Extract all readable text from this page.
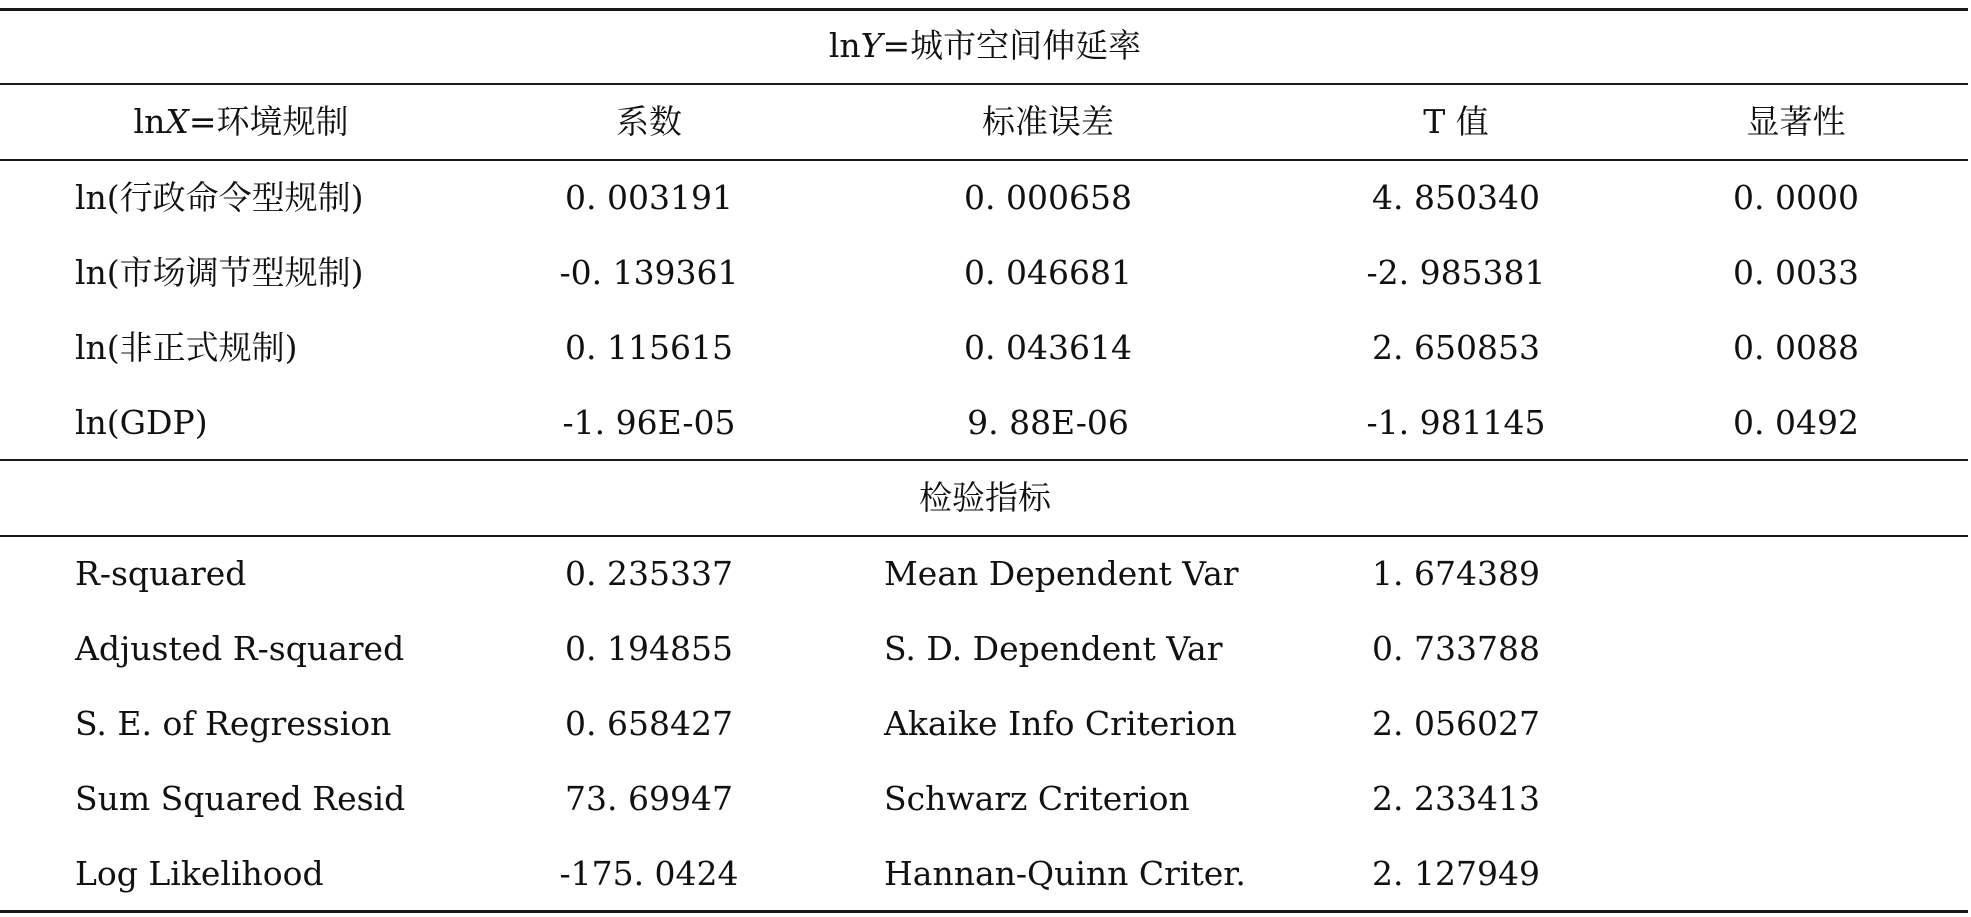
lnY=城市空间伸延率
lnX=环境规制	系数	标准误差	T 值	显著性
ln(行政命令型规制)	0. 003191	0. 000658	4. 850340	0. 0000
ln(市场调节型规制)	-0. 139361	0. 046681	-2. 985381	0. 0033
ln(非正式规制)	0. 115615	0. 043614	2. 650853	0. 0088
ln(GDP)	-1. 96E-05	9. 88E-06	-1. 981145	0. 0492
检验指标
R-squared	0. 235337	Mean Dependent Var	1. 674389
Adjusted R-squared	0. 194855	S. D. Dependent Var	0. 733788
S. E. of Regression	0. 658427	Akaike Info Criterion	2. 056027
Sum Squared Resid	73. 69947	Schwarz Criterion	2. 233413
Log Likelihood	-175. 0424	Hannan-Quinn Criter.	2. 127949
